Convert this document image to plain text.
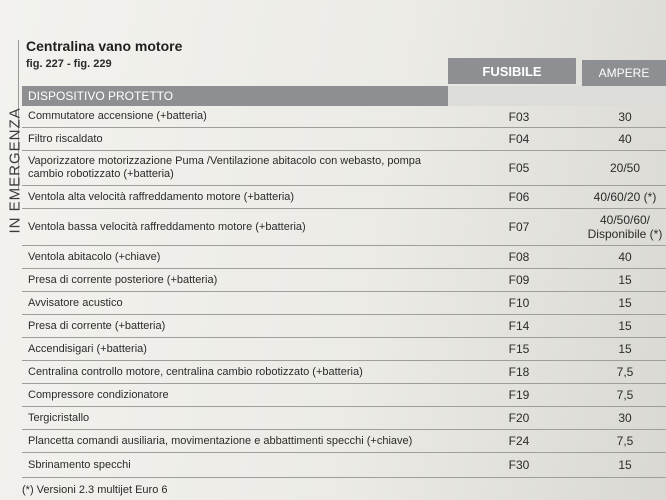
IN EMERGENZA
Centralina vano motore
fig. 227 - fig. 229	FUSIBILE	AMPERE
DISPOSITIVO PROTETTO
Commutatore accensione (+batteria)	F03	30
Filtro riscaldato	F04	40
Vaporizzatore motorizzazione Puma /Ventilazione abitacolo con webasto, pompa cambio robotizzato (+batteria)	F05	20/50
Ventola alta velocità raffreddamento motore (+batteria)	F06	40/60/20 (*)
Ventola bassa velocità raffreddamento motore (+batteria)	F07	40/50/60/ Disponibile (*)
Ventola abitacolo (+chiave)	F08	40
Presa di corrente posteriore (+batteria)	F09	15
Avvisatore acustico	F10	15
Presa di corrente (+batteria)	F14	15
Accendisigari (+batteria)	F15	15
Centralina controllo motore, centralina cambio robotizzato (+batteria)	F18	7,5
Compressore condizionatore	F19	7,5
Tergicristallo	F20	30
Plancetta comandi ausiliaria, movimentazione e abbattimenti specchi (+chiave)	F24	7,5
Sbrinamento specchi	F30	15
(*) Versioni 2.3 multijet Euro 6
